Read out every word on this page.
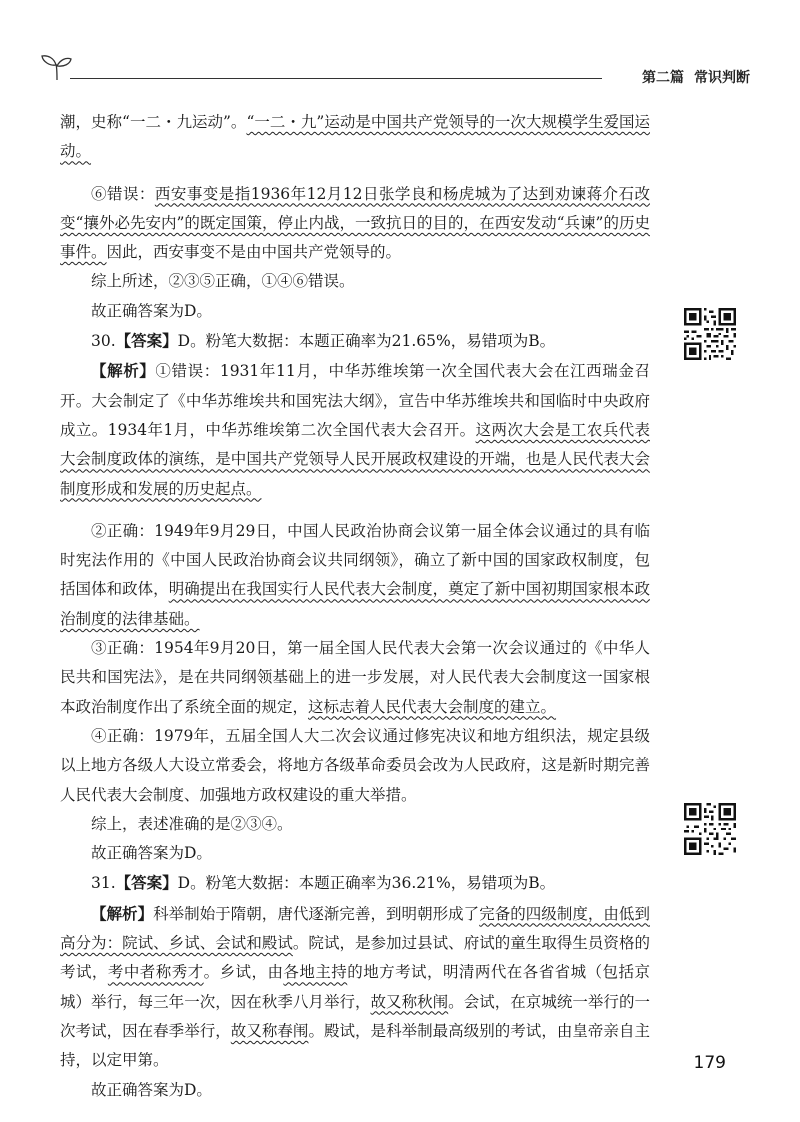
第二篇 常识判断

潮，史称“一二・九运动”。“一二・九”运动是中国共产党领导的一次大规模学生爱国运动。

⑥错误：西安事变是指1936年12月12日张学良和杨虎城为了达到劝谏蒋介石改变“攘外必先安内”的既定国策，停止内战，一致抗日的目的，在西安发动“兵谏”的历史事件。因此，西安事变不是由中国共产党领导的。

综上所述，②③⑤正确，①④⑥错误。

故正确答案为D。

30.【答案】D。粉笔大数据：本题正确率为21.65%，易错项为B。

【解析】①错误：1931年11月，中华苏维埃第一次全国代表大会在江西瑞金召开。大会制定了《中华苏维埃共和国宪法大纲》，宣告中华苏维埃共和国临时中央政府成立。1934年1月，中华苏维埃第二次全国代表大会召开。这两次大会是工农兵代表大会制度政体的演练，是中国共产党领导人民开展政权建设的开端，也是人民代表大会制度形成和发展的历史起点。

②正确：1949年9月29日，中国人民政治协商会议第一届全体会议通过的具有临时宪法作用的《中国人民政治协商会议共同纲领》，确立了新中国的国家政权制度，包括国体和政体，明确提出在我国实行人民代表大会制度，奠定了新中国初期国家根本政治制度的法律基础。

③正确：1954年9月20日，第一届全国人民代表大会第一次会议通过的《中华人民共和国宪法》，是在共同纲领基础上的进一步发展，对人民代表大会制度这一国家根本政治制度作出了系统全面的规定，这标志着人民代表大会制度的建立。

④正确：1979年，五届全国人大二次会议通过修宪决议和地方组织法，规定县级以上地方各级人大设立常委会，将地方各级革命委员会改为人民政府，这是新时期完善人民代表大会制度、加强地方政权建设的重大举措。

综上，表述准确的是②③④。

故正确答案为D。

31.【答案】D。粉笔大数据：本题正确率为36.21%，易错项为B。

【解析】科举制始于隋朝，唐代逐渐完善，到明朝形成了完备的四级制度，由低到高分为：院试、乡试、会试和殿试。院试，是参加过县试、府试的童生取得生员资格的考试，考中者称秀才。乡试，由各地主持的地方考试，明清两代在各省省城（包括京城）举行，每三年一次，因在秋季八月举行，故又称秋闱。会试，在京城统一举行的一次考试，因在春季举行，故又称春闱。殿试，是科举制最高级别的考试，由皇帝亲自主持，以定甲第。

故正确答案为D。

179
